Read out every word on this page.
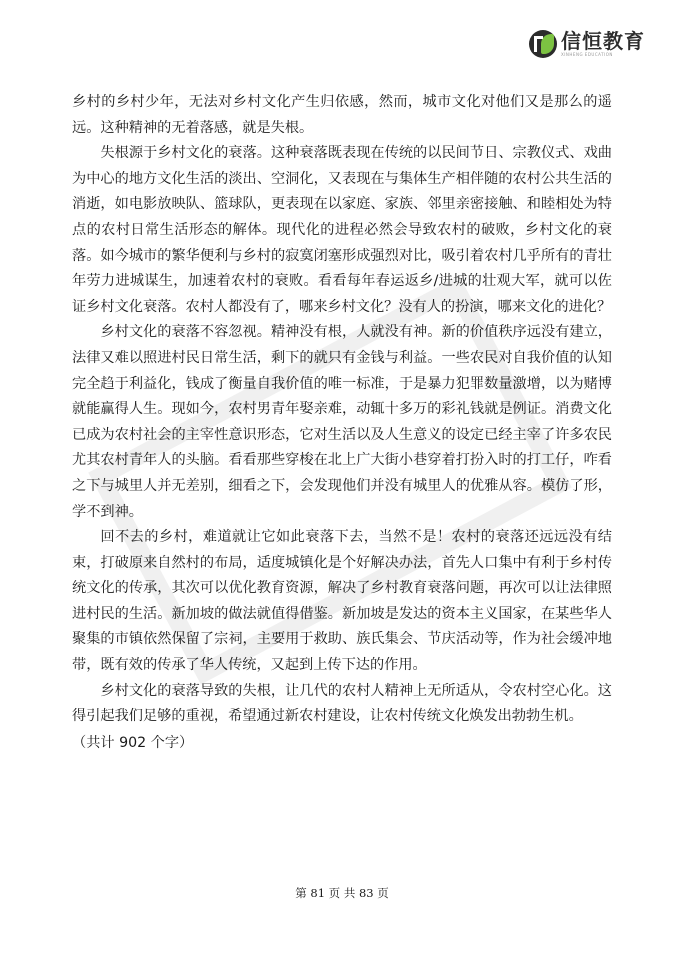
信恒教育
XINHENG EDUCATION

乡村的乡村少年，无法对乡村文化产生归依感，然而，城市文化对他们又是那么的遥远。这种精神的无着落感，就是失根。

失根源于乡村文化的衰落。这种衰落既表现在传统的以民间节日、宗教仪式、戏曲为中心的地方文化生活的淡出、空洞化，又表现在与集体生产相伴随的农村公共生活的消逝，如电影放映队、篮球队，更表现在以家庭、家族、邻里亲密接触、和睦相处为特点的农村日常生活形态的解体。现代化的进程必然会导致农村的破败，乡村文化的衰落。如今城市的繁华便利与乡村的寂寞闭塞形成强烈对比，吸引着农村几乎所有的青壮年劳力进城谋生，加速着农村的衰败。看看每年春运返乡/进城的壮观大军，就可以佐证乡村文化衰落。农村人都没有了，哪来乡村文化？没有人的扮演，哪来文化的进化？

乡村文化的衰落不容忽视。精神没有根，人就没有神。新的价值秩序远没有建立，法律又难以照进村民日常生活，剩下的就只有金钱与利益。一些农民对自我价值的认知完全趋于利益化，钱成了衡量自我价值的唯一标准，于是暴力犯罪数量激增，以为赌博就能赢得人生。现如今，农村男青年娶亲难，动辄十多万的彩礼钱就是例证。消费文化已成为农村社会的主宰性意识形态，它对生活以及人生意义的设定已经主宰了许多农民尤其农村青年人的头脑。看看那些穿梭在北上广大街小巷穿着打扮入时的打工仔，咋看之下与城里人并无差别，细看之下，会发现他们并没有城里人的优雅从容。模仿了形，学不到神。

回不去的乡村，难道就让它如此衰落下去，当然不是！农村的衰落还远远没有结束，打破原来自然村的布局，适度城镇化是个好解决办法，首先人口集中有利于乡村传统文化的传承，其次可以优化教育资源，解决了乡村教育衰落问题，再次可以让法律照进村民的生活。新加坡的做法就值得借鉴。新加坡是发达的资本主义国家，在某些华人聚集的市镇依然保留了宗祠，主要用于救助、族氏集会、节庆活动等，作为社会缓冲地带，既有效的传承了华人传统，又起到上传下达的作用。

乡村文化的衰落导致的失根，让几代的农村人精神上无所适从，令农村空心化。这得引起我们足够的重视，希望通过新农村建设，让农村传统文化焕发出勃勃生机。

（共计 902 个字）

第 81 页 共 83 页
